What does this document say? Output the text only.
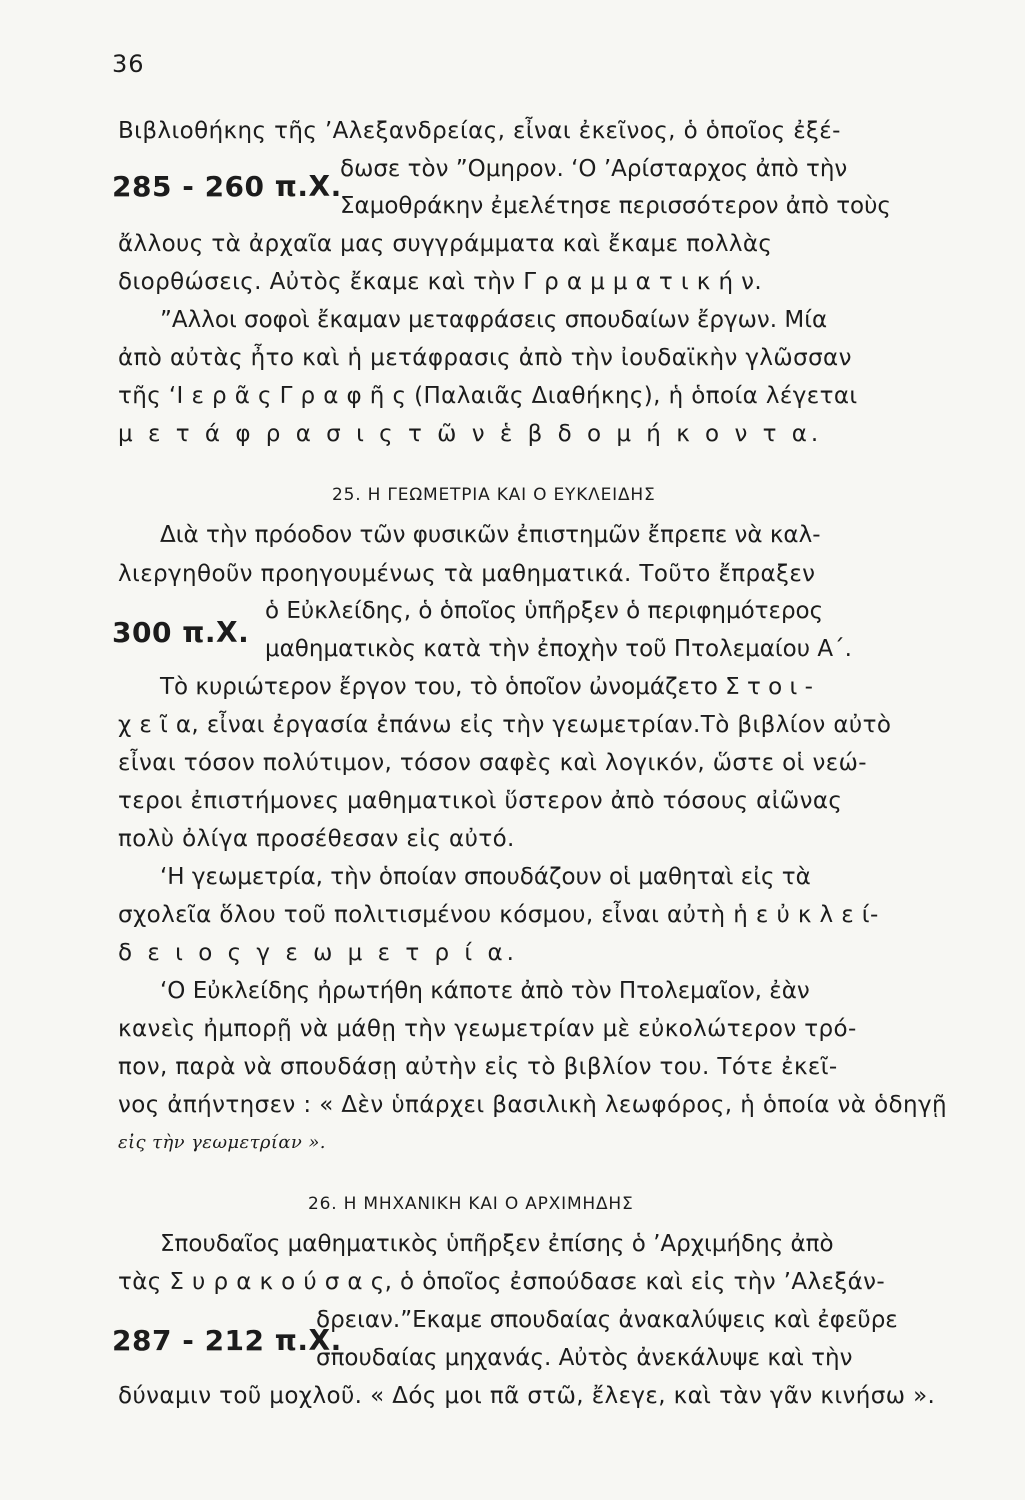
36
Βιβλιοθήκης τῆς ’Αλεξανδρείας, εἶναι ἐκεῖνος, ὁ ὁποῖος ἐξέ-
285 - 260 π.Χ.
δωσε τὸν ”Ομηρον. ‘Ο ’Αρίσταρχος ἀπὸ τὴν
Σαμοθράκην ἐμελέτησε περισσότερον ἀπὸ τοὺς
ἄλλους τὰ ἀρχαῖα μας συγγράμματα καὶ ἔκαμε πολλὰς
διορθώσεις. Αὐτὸς ἔκαμε καὶ τὴν Γ ρ α μ μ α τ ι κ ή ν.
”Αλλοι σοφοὶ ἔκαμαν μεταφράσεις σπουδαίων ἔργων. Μία
ἀπὸ αὐτὰς ἦτο καὶ ἡ μετάφρασις ἀπὸ τὴν ἰουδαϊκὴν γλῶσσαν
τῆς ‘Ι ε ρ ᾶ ς Γ ρ α φ ῆ ς (Παλαιᾶς Διαθήκης), ἡ ὁποία λέγεται
μ ε τ ά φ ρ α σ ι ς τ ῶ ν ἑ β δ ο μ ή κ ο ν τ α.
25. Η ΓΕΩΜΕΤΡΙΑ ΚΑΙ Ο ΕΥΚΛΕΙΔΗΣ
Διὰ τὴν πρόοδον τῶν φυσικῶν ἐπιστημῶν ἔπρεπε νὰ καλ-
λιεργηθοῦν προηγουμένως τὰ μαθηματικά. Τοῦτο ἔπραξεν
300 π.Χ.
ὁ Εὐκλείδης, ὁ ὁποῖος ὑπῆρξεν ὁ περιφημότερος
μαθηματικὸς κατὰ τὴν ἐποχὴν τοῦ Πτολεμαίου Α΄.
Τὸ κυριώτερον ἔργον του, τὸ ὁποῖον ὠνομάζετο Σ τ ο ι -
χ ε ῖ α, εἶναι ἐργασία ἐπάνω εἰς τὴν γεωμετρίαν.Τὸ βιβλίον αὐτὸ
εἶναι τόσον πολύτιμον, τόσον σαφὲς καὶ λογικόν, ὥστε οἱ νεώ-
τεροι ἐπιστήμονες μαθηματικοὶ ὕστερον ἀπὸ τόσους αἰῶνας
πολὺ ὀλίγα προσέθεσαν εἰς αὐτό.
‘Η γεωμετρία, τὴν ὁποίαν σπουδάζουν οἱ μαθηταὶ εἰς τὰ
σχολεῖα ὅλου τοῦ πολιτισμένου κόσμου, εἶναι αὐτὴ ἡ ε ὐ κ λ ε ί-
δ ε ι ο ς γ ε ω μ ε τ ρ ί α.
‘Ο Εὐκλείδης ἠρωτήθη κάποτε ἀπὸ τὸν Πτολεμαῖον, ἐὰν
κανεὶς ἠμπορῇ νὰ μάθῃ τὴν γεωμετρίαν μὲ εὐκολώτερον τρό-
πον, παρὰ νὰ σπουδάσῃ αὐτὴν εἰς τὸ βιβλίον του. Τότε ἐκεῖ-
νος ἀπήντησεν : « Δὲν ὑπάρχει βασιλικὴ λεωφόρος, ἡ ὁποία νὰ ὁδηγῇ
εἰς τὴν γεωμετρίαν ».
26. Η ΜΗΧΑΝΙΚΗ ΚΑΙ Ο ΑΡΧΙΜΗΔΗΣ
Σπουδαῖος μαθηματικὸς ὑπῆρξεν ἐπίσης ὁ ’Αρχιμήδης ἀπὸ
τὰς Σ υ ρ α κ ο ύ σ α ς, ὁ ὁποῖος ἐσπούδασε καὶ εἰς τὴν ’Αλεξάν-
287 - 212 π.Χ.
δρειαν.”Εκαμε σπουδαίας ἀνακαλύψεις καὶ ἐφεῦρε
σπουδαίας μηχανάς. Αὐτὸς ἀνεκάλυψε καὶ τὴν
δύναμιν τοῦ μοχλοῦ. « Δός μοι πᾶ στῶ, ἔλεγε, καὶ τὰν γᾶν κινήσω ».
